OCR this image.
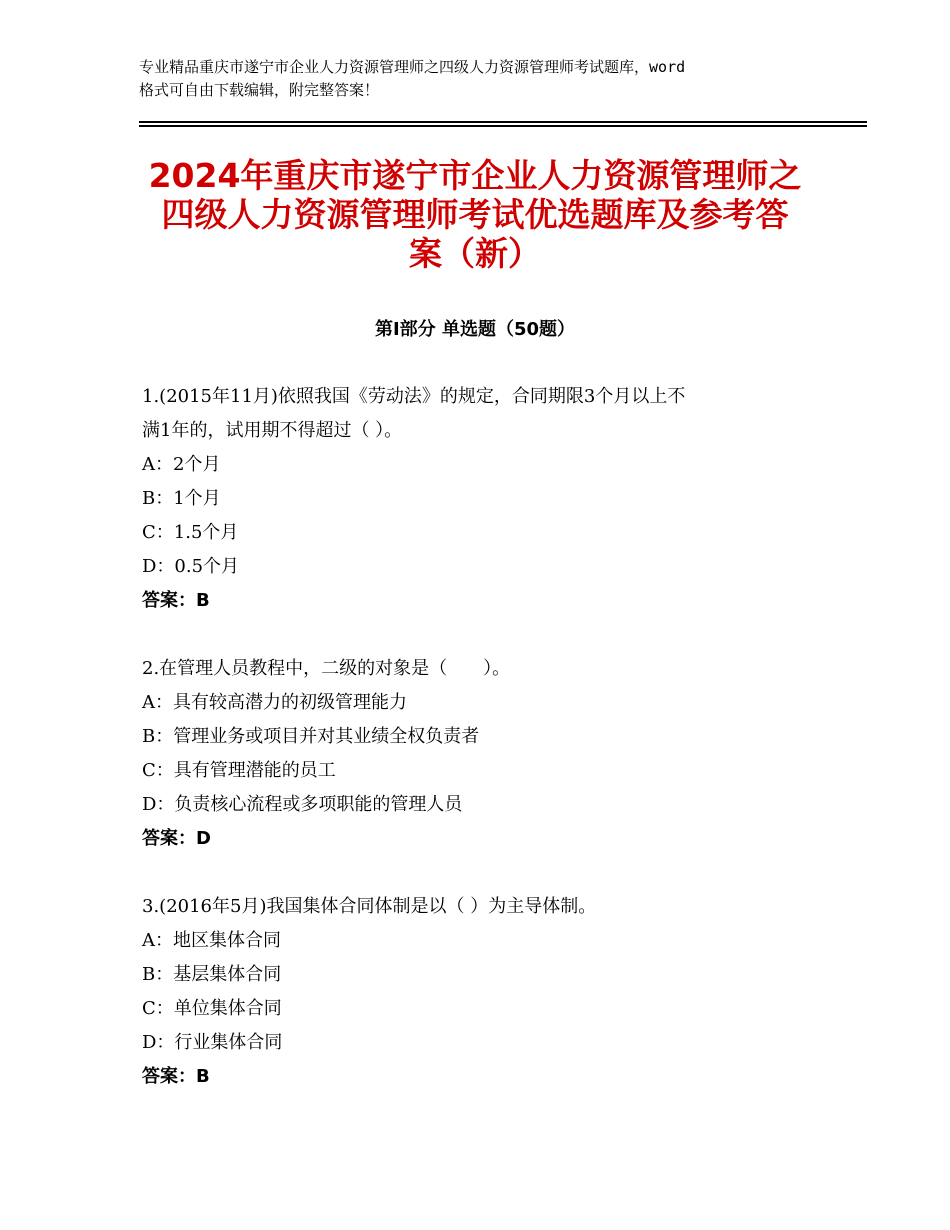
专业精品重庆市遂宁市企业人力资源管理师之四级人力资源管理师考试题库，word
格式可自由下载编辑，附完整答案！
2024年重庆市遂宁市企业人力资源管理师之
四级人力资源管理师考试优选题库及参考答
案（新）
第Ⅰ部分 单选题（50题）
1.(2015年11月)依照我国《劳动法》的规定，合同期限3个月以上不
满1年的，试用期不得超过（ ）。
A：2个月
B：1个月
C：1.5个月
D：0.5个月
答案：B
2.在管理人员教程中，二级的对象是（　　）。
A：具有较高潜力的初级管理能力
B：管理业务或项目并对其业绩全权负责者
C：具有管理潜能的员工
D：负责核心流程或多项职能的管理人员
答案：D
3.(2016年5月)我国集体合同体制是以（ ）为主导体制。
A：地区集体合同
B：基层集体合同
C：单位集体合同
D：行业集体合同
答案：B
